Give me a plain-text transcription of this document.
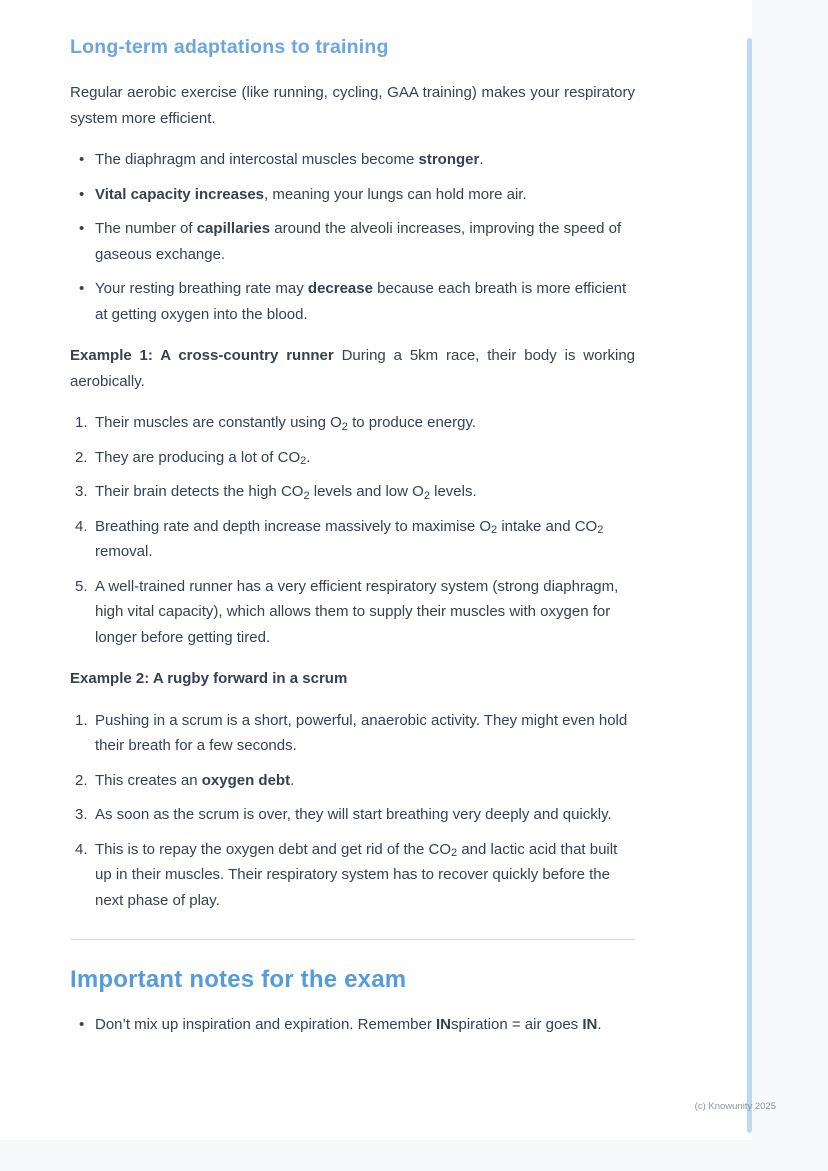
Long-term adaptations to training

Regular aerobic exercise (like running, cycling, GAA training) makes your respiratory system more efficient.

• The diaphragm and intercostal muscles become stronger.
• Vital capacity increases, meaning your lungs can hold more air.
• The number of capillaries around the alveoli increases, improving the speed of gaseous exchange.
• Your resting breathing rate may decrease because each breath is more efficient at getting oxygen into the blood.

Example 1: A cross-country runner During a 5km race, their body is working aerobically.

Their muscles are constantly using $O_2$ to produce energy.
They are producing a lot of $CO_2$.
Their brain detects the high $CO_2$ levels and low $O_2$ levels.
Breathing rate and depth increase massively to maximise $O_2$ intake and $CO_2$ removal.
A well-trained runner has a very efficient respiratory system (strong diaphragm, high vital capacity), which allows them to supply their muscles with oxygen for longer before getting tired.

Example 2: A rugby forward in a scrum

Pushing in a scrum is a short, powerful, anaerobic activity. They might even hold their breath for a few seconds.
This creates an oxygen debt.
As soon as the scrum is over, they will start breathing very deeply and quickly.
This is to repay the oxygen debt and get rid of the $CO_2$ and lactic acid that built up in their muscles. Their respiratory system has to recover quickly before the next phase of play.
Important notes for the exam
• Don’t mix up inspiration and expiration. Remember INspiration = air goes IN.
(c) Knowunity 2025
